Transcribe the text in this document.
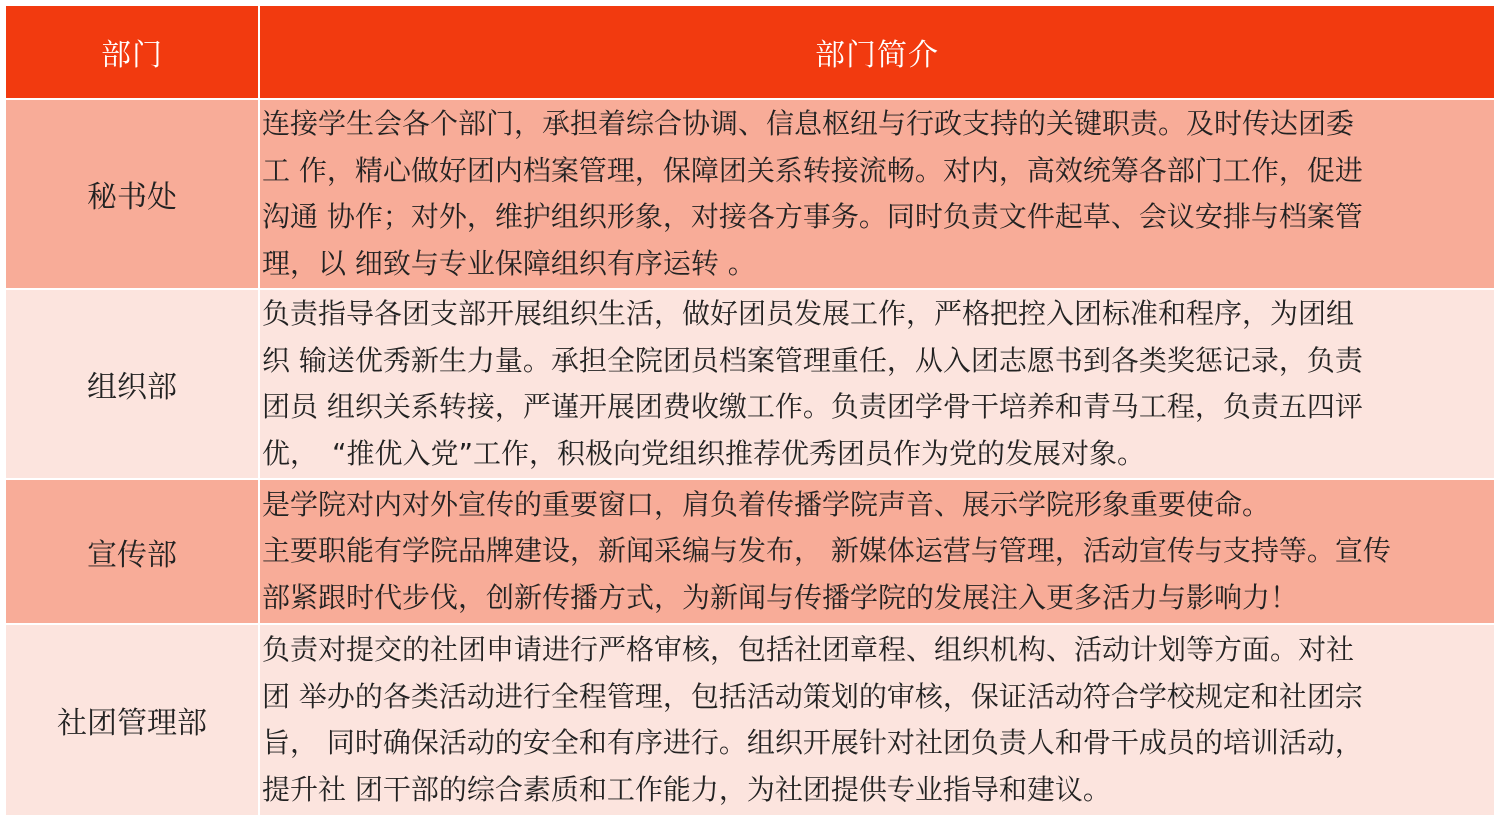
部门	部门简介
秘书处	连接学生会各个部门，承担着综合协调、信息枢纽与行政支持的关键职责。及时传达团委
工 作，精心做好团内档案管理，保障团关系转接流畅。对内，高效统筹各部门工作，促进
沟通 协作；对外，维护组织形象，对接各方事务。同时负责文件起草、会议安排与档案管
理，以 细致与专业保障组织有序运转 。
组织部	负责指导各团支部开展组织生活，做好团员发展工作，严格把控入团标准和程序，为团组
织 输送优秀新生力量。承担全院团员档案管理重任，从入团志愿书到各类奖惩记录，负责
团员 组织关系转接，严谨开展团费收缴工作。负责团学骨干培养和青马工程，负责五四评
优，　“推优入党”工作，积极向党组织推荐优秀团员作为党的发展对象。
宣传部	是学院对内对外宣传的重要窗口，肩负着传播学院声音、展示学院形象重要使命。
主要职能有学院品牌建设，新闻采编与发布， 新媒体运营与管理，活动宣传与支持等。宣传
部紧跟时代步伐，创新传播方式，为新闻与传播学院的发展注入更多活力与影响力！
社团管理部	负责对提交的社团申请进行严格审核，包括社团章程、组织机构、活动计划等方面。对社
团 举办的各类活动进行全程管理，包括活动策划的审核，保证活动符合学校规定和社团宗
旨， 同时确保活动的安全和有序进行。组织开展针对社团负责人和骨干成员的培训活动，
提升社 团干部的综合素质和工作能力，为社团提供专业指导和建议。
